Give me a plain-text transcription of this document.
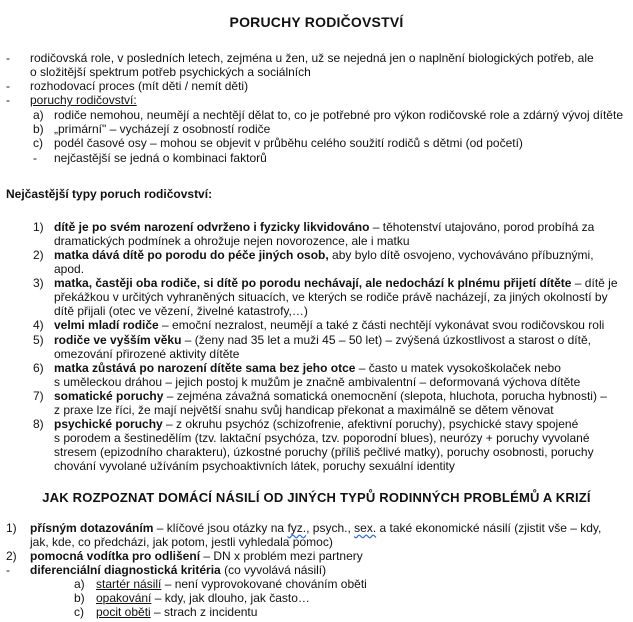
PORUCHY RODIČOVSTVÍ
- rodičovská role, v posledních letech, zejména u žen, už se nejedná jen o naplnění biologických potřeb, ale
o složitější spektrum potřeb psychických a sociálních
- rozhodovací proces (mít děti / nemít děti)
- poruchy rodičovství:
a) rodiče nemohou, neumějí a nechtějí dělat to, co je potřebné pro výkon rodičovské role a zdárný vývoj dítěte
b) „primární" – vycházejí z osobností rodiče
c) podél časové osy – mohou se objevit v průběhu celého soužití rodičů s dětmi (od početí)
- nejčastější se jedná o kombinaci faktorů
Nejčastější typy poruch rodičovství:
1) dítě je po svém narození odvrženo i fyzicky likvidováno – těhotenství utajováno, porod probíhá za
dramatických podmínek a ohrožuje nejen novorozence, ale i matku
2) matka dává dítě po porodu do péče jiných osob, aby bylo dítě osvojeno, vychováváno příbuznými,
apod.
3) matka, častěji oba rodiče, si dítě po porodu nechávají, ale nedochází k plnému přijetí dítěte – dítě je
překážkou v určitých vyhraněných situacích, ve kterých se rodiče právě nacházejí, za jiných okolností by
dítě přijali (otec ve vězení, živelné katastrofy,…)
4) velmi mladí rodiče – emoční nezralost, neumějí a také z části nechtějí vykonávat svou rodičovskou roli
5) rodiče ve vyšším věku – (ženy nad 35 let a muži 45 – 50 let) – zvýšená úzkostlivost a starost o dítě,
omezování přirozené aktivity dítěte
6) matka zůstává po narození dítěte sama bez jeho otce – často u matek vysokoškolaček nebo
s uměleckou dráhou – jejich postoj k mužům je značně ambivalentní – deformovaná výchova dítěte
7) somatické poruchy – zejména závažná somatická onemocnění (slepota, hluchota, porucha hybnosti) –
z praxe lze říci, že mají největší snahu svůj handicap překonat a maximálně se dětem věnovat
8) psychické poruchy – z okruhu psychóz (schizofrenie, afektivní poruchy), psychické stavy spojené
s porodem a šestinedělím (tzv. laktační psychóza, tzv. poporodní blues), neurózy + poruchy vyvolané
stresem (epizodního charakteru), úzkostné poruchy (příliš pečlivé matky), poruchy osobnosti, poruchy
chování vyvolané užíváním psychoaktivních látek, poruchy sexuální identity
JAK ROZPOZNAT DOMÁCÍ NÁSILÍ OD JINÝCH TYPŮ RODINNÝCH PROBLÉMŮ A KRIZÍ
1) přísným dotazováním – klíčové jsou otázky na fyz., psych., sex. a také ekonomické násilí (zjistit vše – kdy,
jak, kde, co předcházi, jak potom, jestli vyhledala pomoc)
2) pomocná vodítka pro odlišení – DN x problém mezi partnery
- diferenciální diagnostická kritéria (co vyvolává násilí)
a) startér násilí – není vyprovokované chováním oběti
b) opakování – kdy, jak dlouho, jak často…
c) pocit oběti – strach z incidentu
